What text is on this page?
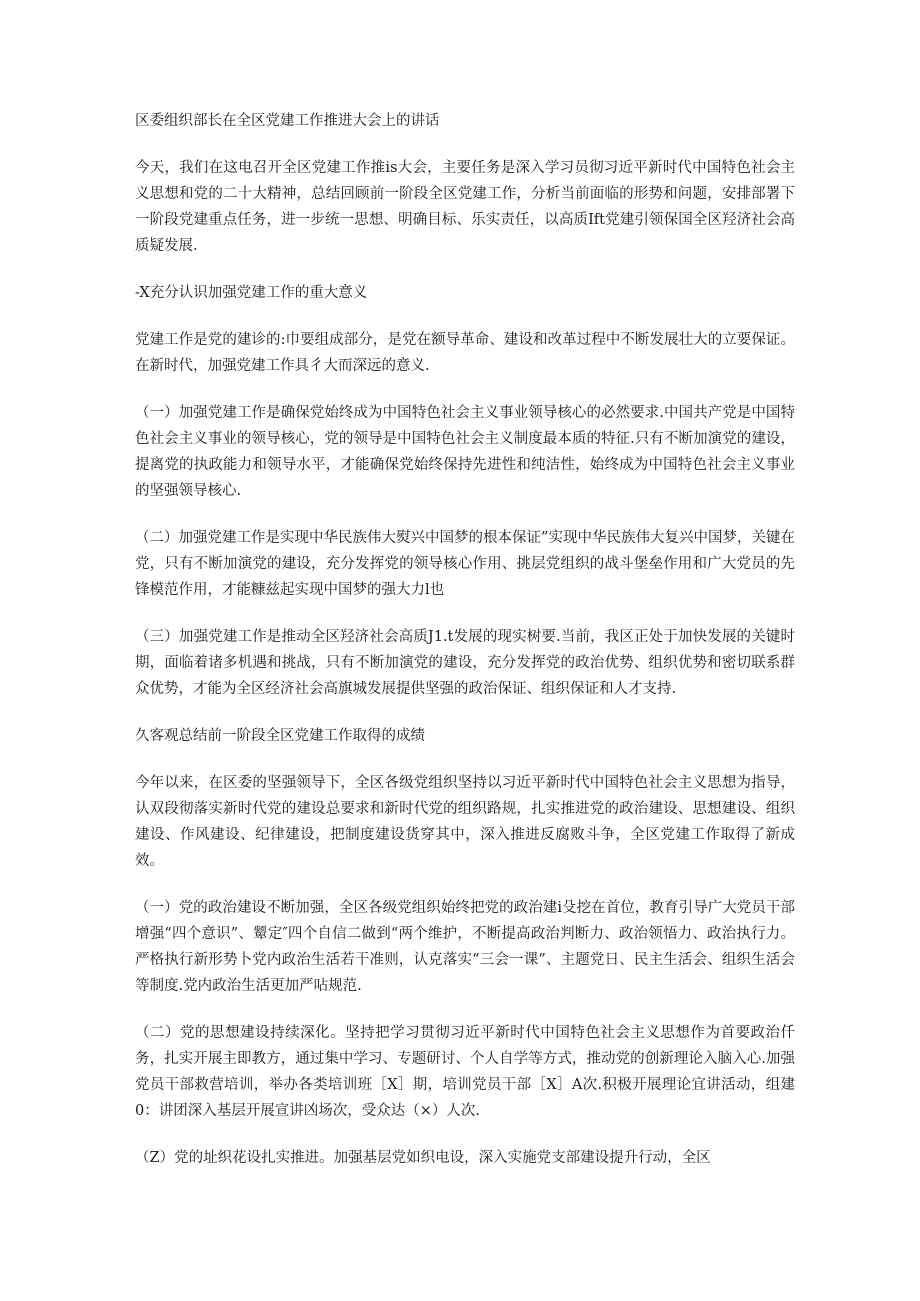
区委组织部长在全区党建工作推进大会上的讲话

今天，我们在这电召开全区党建工作推is大会，主要任务是深入学习员彻习近平新时代中国特色社会主义思想和党的二十大精神，总结回顾前一阶段全区党建工作，分析当前面临的形势和问题，安排部署下一阶段党建重点任务，进一步统一思想、明确目标、乐实责任，以高质Ift党建引领保国全区羟济社会高质疑发展.

-X充分认识加强党建工作的重大意义

党建工作是党的建诊的:巾要组成部分，是党在额导革命、建设和改革过程中不断发展壮大的立要保证。在新时代，加强党建工作具彳大而深远的意义.

（一）加强党建工作是确保党始终成为中国特色社会主义事业领导核心的必然要求.中国共产党是中国特色社会主义事业的领导核心，党的领导是中国特色社会主义制度最本质的特征.只有不断加演党的建设，提离党的执政能力和领导水平，才能确保党始终保持先进性和纯洁性，始终成为中国特色社会主义事业的坚强领导核心.

（二）加强党建工作是实现中华民族伟大熨兴中国梦的根本保证”实现中华民族伟大复兴中国梦，关键在党，只有不断加演党的建设，充分发挥党的领导核心作用、挑层党组织的战斗堡垒作用和广大党员的先锋模范作用，才能糠兹起实现中国梦的强大力l也

（三）加强党建工作是推动全区羟济社会高质J1.t发展的现实树要.当前，我区正处于加快发展的关键时期，面临着诸多机遇和挑战，只有不断加演党的建设，充分发挥党的政治优势、组织优势和密切联系群众优势，才能为全区经济社会高旗城发展提供坚强的政治保证、组织保证和人才支持.

久客观总结前一阶段全区党建工作取得的成绩

今年以来，在区委的坚强领导下，全区各级党组织坚持以习近平新时代中国特色社会主义思想为指导，认双段彻落实新时代党的建设总要求和新时代党的组织路规，扎实推进党的政治建设、思想建设、组织建设、作风建设、纪律建设，把制度建设货穿其中，深入推进反腐败斗争，全区党建工作取得了新成效。

（一）党的政治建设不断加强，全区各级党组织始终把党的政治建i殳挖在首位，教育引导广大党员干部增强“四个意识”、颦定″四个自信二做到“两个维护，不断提高政治判断力、政治领悟力、政治执行力。严格执行新形势卜党内政治生活若干准则，认克落实“三会一课”、主题党日、民主生活会、组织生活会等制度.党内政治生活更加严呫规范.

（二）党的思想建设持续深化。坚持把学习贯彻习近平新时代中国特色社会主义思想作为首要政治仟务，扎实开展主即教方，通过集中学习、专题研讨、个人自学等方式，推动党的创新理论入脑入心.加强党员干部救营培训，举办各类培训班［X］期，培训党员干部［X］A次.积极开展理论宜讲活动，组建0：讲团深入基层开展宣讲凶场次，受众达（×）人次.

（Z）党的址织花设扎实推进。加强基层党如织电设，深入实施党支部建设提升行动，全区
